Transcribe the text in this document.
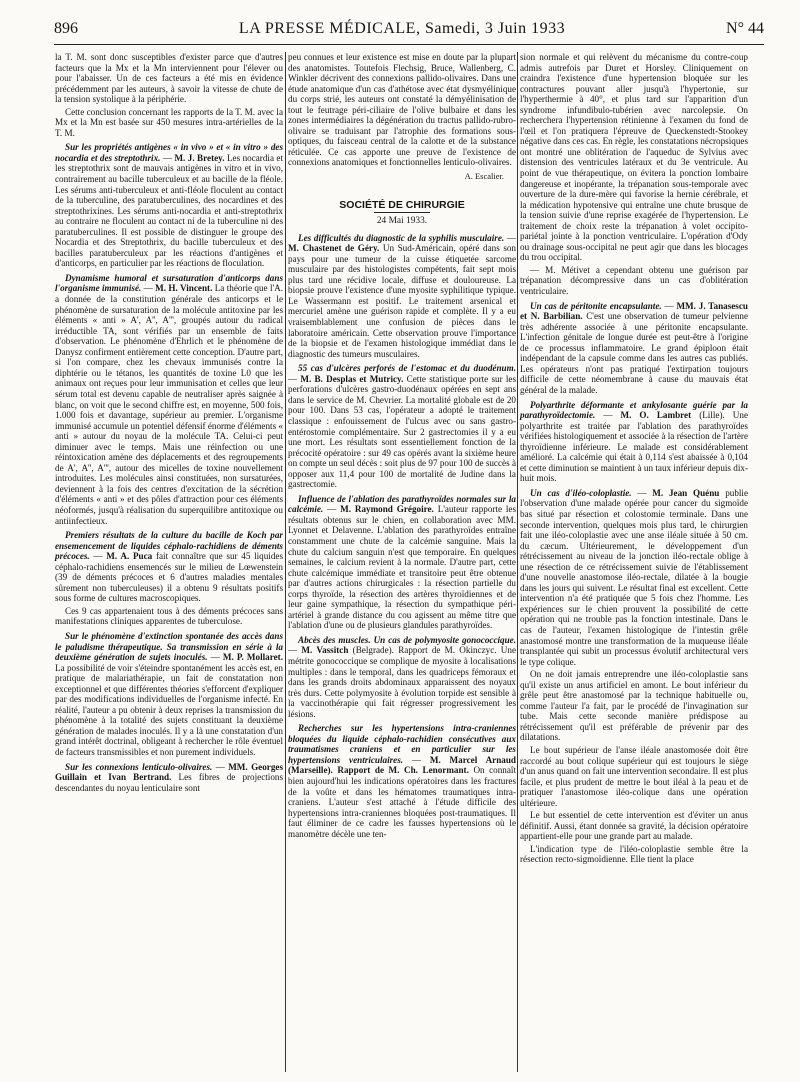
896	LA PRESSE MÉDICALE, Samedi, 3 Juin 1933	N° 44

la T. M. sont donc susceptibles d'exister parce que d'autres facteurs que la Mx et la Mn interviennent pour l'élever ou pour l'abaisser. Un de ces facteurs a été mis en évidence précédemment par les auteurs, à savoir la vitesse de chute de la tension systolique à la périphérie.

Cette conclusion concernant les rapports de la T. M. avec la Mx et la Mn est basée sur 450 mesures intra-artérielles de la T. M.

Sur les propriétés antigènes « in vivo » et « in vitro » des nocardia et des streptothrix. — M. J. Bretey. Les nocardia et les streptothrix sont de mauvais antigènes in vitro et in vivo, contrairement au bacille tuberculeux et au bacille de la fléole. Les sérums anti-tuberculeux et anti-fléole floculent au contact de la tuberculine, des paratuberculines, des nocardines et des streptothrixines. Les sérums anti-nocardia et anti-streptothrix au contraire ne floculent au contact ni de la tuberculine ni des paratuberculines. Il est possible de distinguer le groupe des Nocardia et des Streptothrix, du bacille tuberculeux et des bacilles paratuberculeux par les réactions d'antigènes et d'anticorps, en particulier par les réactions de floculation.

Dynamisme humoral et sursaturation d'anticorps dans l'organisme immunisé. — M. H. Vincent. La théorie que l'A. a donnée de la constitution générale des anticorps et le phénomène de sursaturation de la molécule antitoxine par les éléments « anti » A', A'', A''', groupés autour du radical irréductible TA, sont vérifiés par un ensemble de faits d'observation. Le phénomène d'Ehrlich et le phénomène de Danysz confirment entièrement cette conception. D'autre part, si l'on compare, chez les chevaux immunisés contre la diphtérie ou le tétanos, les quantités de toxine L0 que les animaux ont reçues pour leur immunisation et celles que leur sérum total est devenu capable de neutraliser après saignée à blanc, on voit que le second chiffre est, en moyenne, 500 fois, 1.000 fois et davantage, supérieur au premier. L'organisme immunisé accumule un potentiel défensif énorme d'éléments « anti » autour du noyau de la molécule TA. Celui-ci peut diminuer avec le temps. Mais une réinfection ou une réintoxication amène des déplacements et des regroupements de A', A'', A''', autour des micelles de toxine nouvellement introduites. Les molécules ainsi constituées, non sursaturées, deviennent à la fois des centres d'excitation de la sécrétion d'éléments « anti » et des pôles d'attraction pour ces éléments néoformés, jusqu'à réalisation du superquilibre antitoxique ou antiinfectieux.

Premiers résultats de la culture du bacille de Koch par ensemencement de liquides céphalo-rachidiens de déments précoces. — M. A. Puca fait connaître que sur 45 liquides céphalo-rachidiens ensemencés sur le milieu de Lœwenstein (39 de déments précoces et 6 d'autres maladies mentales sûrement non tuberculeuses) il a obtenu 9 résultats positifs sous forme de cultures macroscopiques.

Ces 9 cas appartenaient tous à des déments précoces sans manifestations cliniques apparentes de tuberculose.

Sur le phénomène d'extinction spontanée des accès dans le paludisme thérapeutique. Sa transmission en série à la deuxième génération de sujets inoculés. — M. P. Mollaret. La possibilité de voir s'éteindre spontanément les accès est, en pratique de malariathérapie, un fait de constatation non exceptionnel et que différentes théories s'efforcent d'expliquer par des modifications individuelles de l'organisme infecté. En réalité, l'auteur a pu obtenir à deux reprises la transmission du phénomène à la totalité des sujets constituant la deuxième génération de malades inoculés. Il y a là une constatation d'un grand intérêt doctrinal, obligeant à rechercher le rôle éventuel de facteurs transmissibles et non purement individuels.

Sur les connexions lenticulo-olivaires. — MM. Georges Guillain et Ivan Bertrand. Les fibres de projections descendantes du noyau lenticulaire sont

peu connues et leur existence est mise en doute par la plupart des anatomistes. Toutefois Flechsig, Bruce, Wallenberg, C. Winkler décrivent des connexions pallido-olivaires. Dans une étude anatomique d'un cas d'athétose avec état dysmyélinique du corps strié, les auteurs ont constaté la démyélinisation de tout le feutrage péri-ciliaire de l'olive bulbaire et dans les zones intermédiaires la dégénération du tractus pallido-rubro-olivaire se traduisant par l'atrophie des formations sous-optiques, du faisceau central de la calotte et de la substance réticulée. Ce cas apporte une preuve de l'existence de connexions anatomiques et fonctionnelles lenticulo-olivaires.

A. Escalier.

SOCIÉTÉ DE CHIRURGIE

24 Mai 1933.

Les difficultés du diagnostic de la syphilis musculaire. — M. Chastenet de Géry. Un Sud-Américain, opéré dans son pays pour une tumeur de la cuisse étiquetée sarcome musculaire par des histologistes compétents, fait sept mois plus tard une récidive locale, diffuse et douloureuse. La biopsie prouve l'existence d'une myosite syphilitique typique. Le Wassermann est positif. Le traitement arsenical et mercuriel amène une guérison rapide et complète. Il y a eu vraisemblablement une confusion de pièces dans le laboratoire américain. Cette observation prouve l'importance de la biopsie et de l'examen histologique immédiat dans le diagnostic des tumeurs musculaires.

55 cas d'ulcères perforés de l'estomac et du duodénum. — M. B. Desplas et Mutricy. Cette statistique porte sur les perforations d'ulcères gastro-duodénaux opérées en sept ans dans le service de M. Chevrier. La mortalité globale est de 20 pour 100. Dans 53 cas, l'opérateur a adopté le traitement classique : enfouissement de l'ulcus avec ou sans gastro-entérostomie complémentaire. Sur 2 gastrectomies il y a eu une mort. Les résultats sont essentiellement fonction de la précocité opératoire : sur 49 cas opérés avant la sixième heure on compte un seul décès : soit plus de 97 pour 100 de succès à opposer aux 11,4 pour 100 de mortalité de Judine dans la gastrectomie.

Influence de l'ablation des parathyroïdes normales sur la calcémie. — M. Raymond Grégoire. L'auteur rapporte les résultats obtenus sur le chien, en collaboration avec MM. Lyonnet et Delavenne. L'ablation des parathyroïdes entraîne constamment une chute de la calcémie sanguine. Mais la chute du calcium sanguin n'est que temporaire. En quelques semaines, le calcium revient à la normale. D'autre part, cette chute calcémique immédiate et transitoire peut être obtenue par d'autres actions chirurgicales : la résection partielle du corps thyroïde, la résection des artères thyroïdiennes et de leur gaine sympathique, la résection du sympathique péri-artériel à grande distance du cou agissent au même titre que l'ablation d'une ou de plusieurs glandules parathyroïdes.

Abcès des muscles. Un cas de polymyosite gonococcique. — M. Vassitch (Belgrade). Rapport de M. Okinczyc. Une métrite gonococcique se complique de myosite à localisations multiples : dans le temporal, dans les quadriceps fémoraux et dans les grands droits abdominaux apparaissent des noyaux très durs. Cette polymyosite à évolution torpide est sensible à la vaccinothérapie qui fait régresser progressivement les lésions.

Recherches sur les hypertensions intra-craniennes bloquées du liquide céphalo-rachidien consécutives aux traumatismes craniens et en particulier sur les hypertensions ventriculaires. — M. Marcel Arnaud (Marseille). Rapport de M. Ch. Lenormant. On connaît bien aujourd'hui les indications opératoires dans les fractures de la voûte et dans les hématomes traumatiques intra-craniens. L'auteur s'est attaché à l'étude difficile des hypertensions intra-craniennes bloquées post-traumatiques. Il faut éliminer de ce cadre les fausses hypertensions où le manomètre décèle une ten-

sion normale et qui relèvent du mécanisme du contre-coup admis autrefois par Duret et Horsley. Cliniquement on craindra l'existence d'une hypertension bloquée sur les contractures pouvant aller jusqu'à l'hypertonie, sur l'hyperthermie à 40°, et plus tard sur l'apparition d'un syndrome infundibulo-tubérien avec narcolepsie. On recherchera l'hypertension rétinienne à l'examen du fond de l'œil et l'on pratiquera l'épreuve de Queckenstedt-Stookey négative dans ces cas. En règle, les constatations nécropsiques ont montré une oblitération de l'aqueduc de Sylvius avec distension des ventricules latéraux et du 3e ventricule. Au point de vue thérapeutique, on évitera la ponction lombaire dangereuse et inopérante, la trépanation sous-temporale avec ouverture de la dure-mère qui favorise la hernie cérébrale, et la médication hypotensive qui entraîne une chute brusque de la tension suivie d'une reprise exagérée de l'hypertension. Le traitement de choix reste la trépanation à volet occipito-pariétal jointe à la ponction ventriculaire. L'opération d'Ody ou drainage sous-occipital ne peut agir que dans les blocages du trou occipital.

— M. Métivet a cependant obtenu une guérison par trépanation décompressive dans un cas d'oblitération ventriculaire.

Un cas de péritonite encapsulante. — MM. J. Tanasescu et N. Barbilian. C'est une observation de tumeur pelvienne très adhérente associée à une péritonite encapsulante. L'infection génitale de longue durée est peut-être à l'origine de ce processus inflammatoire. Le grand épiploon était indépendant de la capsule comme dans les autres cas publiés. Les opérateurs n'ont pas pratiqué l'extirpation toujours difficile de cette néomembrane à cause du mauvais état général de la malade.

Polyarthrite déformante et ankylosante guérie par la parathyroïdectomie. — M. O. Lambret (Lille). Une polyarthrite est traitée par l'ablation des parathyroïdes vérifiées histologiquement et associée à la résection de l'artère thyroïdienne inférieure. Le malade est considérablement amélioré. La calcémie qui était à 0,114 s'est abaissée à 0,104 et cette diminution se maintient à un taux inférieur depuis dix-huit mois.

Un cas d'iléo-coloplastie. — M. Jean Quénu publie l'observation d'une malade opérée pour cancer du sigmoïde bas situé par résection et colostomie terminale. Dans une seconde intervention, quelques mois plus tard, le chirurgien fait une iléo-coloplastie avec une anse iléale située à 50 cm. du cæcum. Ultérieurement, le développement d'un rétrécissement au niveau de la jonction iléo-rectale oblige à une résection de ce rétrécissement suivie de l'établissement d'une nouvelle anastomose iléo-rectale, dilatée à la bougie dans les jours qui suivent. Le résultat final est excellent. Cette intervention n'a été pratiquée que 5 fois chez l'homme. Les expériences sur le chien prouvent la possibilité de cette opération qui ne trouble pas la fonction intestinale. Dans le cas de l'auteur, l'examen histologique de l'intestin grêle anastomosé montre une transformation de la muqueuse iléale transplantée qui subit un processus évolutif architectural vers le type colique.

On ne doit jamais entreprendre une iléo-coloplastie sans qu'il existe un anus artificiel en amont. Le bout inférieur du grêle peut être anastomosé par la technique habituelle ou, comme l'auteur l'a fait, par le procédé de l'invagination sur tube. Mais cette seconde manière prédispose au rétrécissement qu'il est préférable de prévenir par des dilatations.

Le bout supérieur de l'anse iléale anastomosée doit être raccordé au bout colique supérieur qui est toujours le siège d'un anus quand on fait une intervention secondaire. Il est plus facile, et plus prudent de mettre le bout iléal à la peau et de pratiquer l'anastomose iléo-colique dans une opération ultérieure.

Le but essentiel de cette intervention est d'éviter un anus définitif. Aussi, étant donnée sa gravité, la décision opératoire appartient-elle pour une grande part au malade.

L'indication type de l'iléo-coloplastie semble être la résection recto-sigmoïdienne. Elle tient la place
